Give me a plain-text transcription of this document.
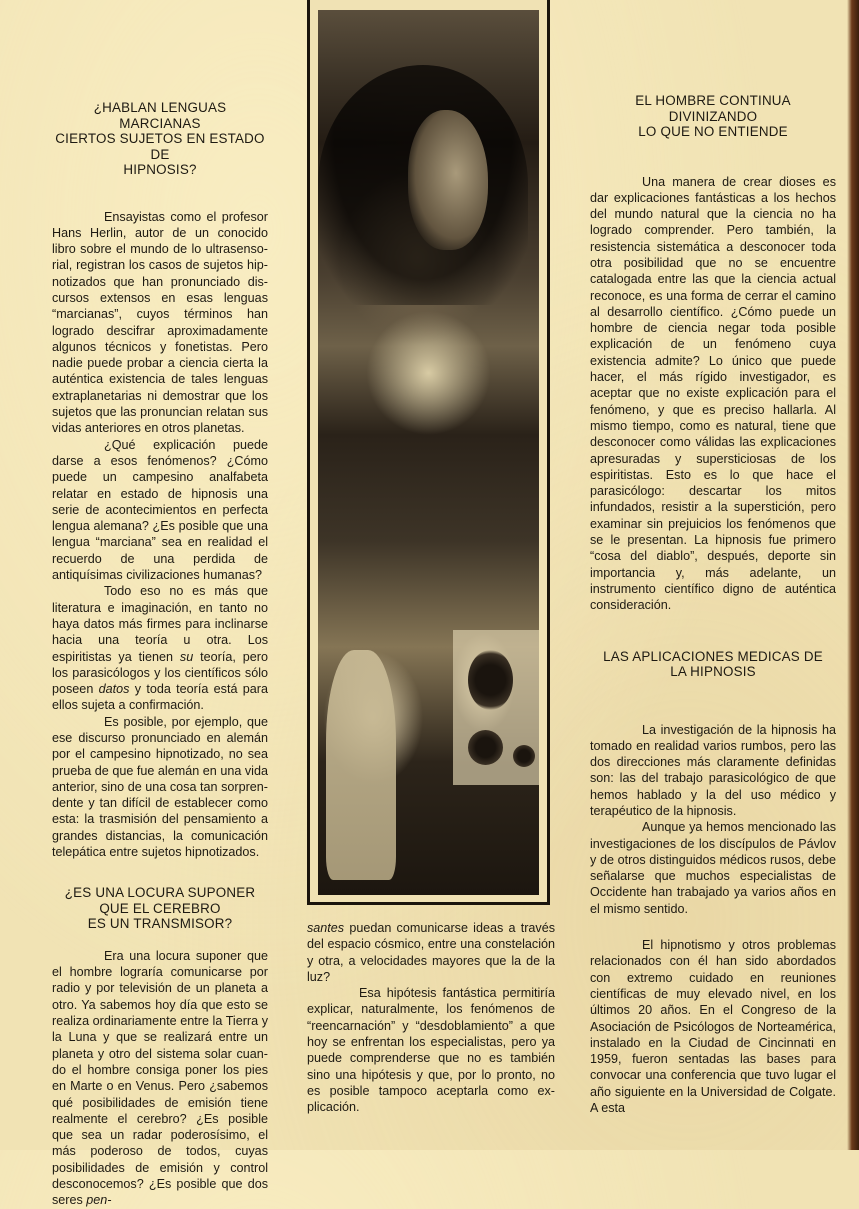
¿HABLAN LENGUAS MARCIANAS
CIERTOS SUJETOS EN ESTADO DE
HIPNOSIS?

Ensayistas como el profesor Hans Herlin, autor de un conocido libro sobre el mundo de lo ultrasensorial, registran los casos de sujetos hipnotizados que han pronunciado discursos extensos en esas lenguas “marcianas”, cuyos términos han logrado descifrar aproximadamente algunos técnicos y fonetistas. Pero nadie puede probar a ciencia cierta la auténtica existencia de tales lenguas extraplanetarias ni demostrar que los sujetos que las pronuncian relatan sus vidas anteriores en otros planetas.

¿Qué explicación puede darse a esos fenómenos? ¿Cómo puede un campesino analfabeta relatar en estado de hipnosis una serie de acontecimientos en perfecta lengua alemana? ¿Es posible que una lengua “marciana” sea en realidad el recuerdo de una perdida de antiquísimas civilizaciones humanas?

Todo eso no es más que literatura e imaginación, en tanto no haya datos más firmes para inclinarse hacia una teoría u otra. Los espiritistas ya tienen su teoría, pero los parasicólogos y los científicos sólo poseen datos y toda teoría está para ellos sujeta a confirmación.

Es posible, por ejemplo, que ese discurso pronunciado en alemán por el campesino hipnotizado, no sea prueba de que fue alemán en una vida anterior, sino de una cosa tan sorprendente y tan difícil de establecer como esta: la trasmisión del pensamiento a grandes distancias, la comunicación telepática entre sujetos hipnotizados.

¿ES UNA LOCURA SUPONER
QUE EL CEREBRO
ES UN TRANSMISOR?

Era una locura suponer que el hombre lograría comunicarse por radio y por televisión de un planeta a otro. Ya sabemos hoy día que esto se realiza ordinariamente entre la Tierra y la Luna y que se realizará entre un planeta y otro del sistema solar cuando el hombre consiga poner los pies en Marte o en Venus. Pero ¿sabemos qué posibilidades de emisión tiene realmente el cerebro? ¿Es posible que sea un radar poderosísimo, el más poderoso de todos, cuyas posibilidades de emisión y control desconocemos? ¿Es posible que dos seres pen-

santes puedan comunicarse ideas a través del espacio cósmico, entre una constelación y otra, a velocidades mayores que la de la luz?

Esa hipótesis fantástica permitiría explicar, naturalmente, los fenómenos de “reencarnación” y “desdoblamiento” a que hoy se enfrentan los especialistas, pero ya puede comprenderse que no es también sino una hipótesis y que, por lo pronto, no es posible tampoco aceptarla como explicación.

EL HOMBRE CONTINUA
DIVINIZANDO
LO QUE NO ENTIENDE

Una manera de crear dioses es dar explicaciones fantásticas a los hechos del mundo natural que la ciencia no ha logrado comprender. Pero también, la resistencia sistemática a desconocer toda otra posibilidad que no se encuentre catalogada entre las que la ciencia actual reconoce, es una forma de cerrar el camino al desarrollo científico. ¿Cómo puede un hombre de ciencia negar toda posible explicación de un fenómeno cuya existencia admite? Lo único que puede hacer, el más rígido investigador, es aceptar que no existe explicación para el fenómeno, y que es preciso hallarla. Al mismo tiempo, como es natural, tiene que desconocer como válidas las explicaciones apresuradas y supersticiosas de los espiritistas. Esto es lo que hace el parasicólogo: descartar los mitos infundados, resistir a la superstición, pero examinar sin prejuicios los fenómenos que se le presentan. La hipnosis fue primero “cosa del diablo”, después, deporte sin importancia y, más adelante, un instrumento científico digno de auténtica consideración.

LAS APLICACIONES MEDICAS DE
LA HIPNOSIS

La investigación de la hipnosis ha tomado en realidad varios rumbos, pero las dos direcciones más claramente definidas son: las del trabajo parasicológico de que hemos hablado y la del uso médico y terapéutico de la hipnosis.

Aunque ya hemos mencionado las investigaciones de los discípulos de Pávlov y de otros distinguidos médicos rusos, debe señalarse que muchos especialistas de Occidente han trabajado ya varios años en el mismo sentido.

El hipnotismo y otros problemas relacionados con él han sido abordados con extremo cuidado en reuniones científicas de muy elevado nivel, en los últimos 20 años. En el Congreso de la Asociación de Psicólogos de Norteamérica, instalado en la Ciudad de Cincinnati en 1959, fueron sentadas las bases para convocar una conferencia que tuvo lugar el año siguiente en la Universidad de Colgate. A esta
